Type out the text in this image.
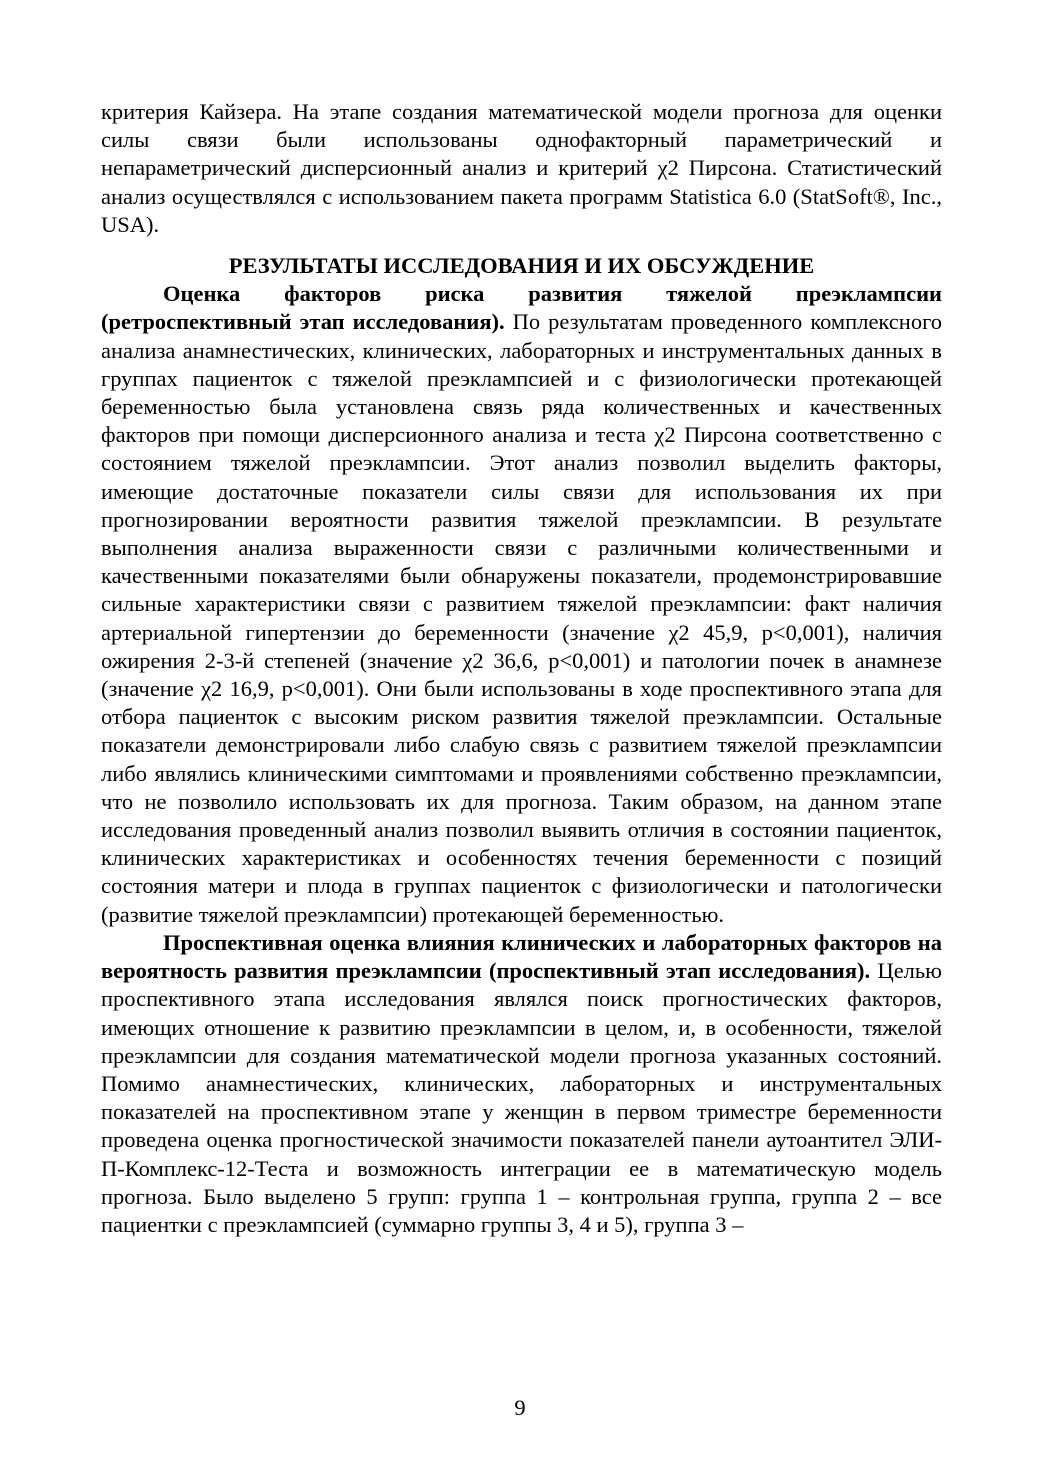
критерия Кайзера. На этапе создания математической модели прогноза для оценки силы связи были использованы однофакторный параметрический и непараметрический дисперсионный анализ и критерий χ2 Пирсона. Статистический анализ осуществлялся с использованием пакета программ Statistica 6.0 (StatSoft®, Inc., USA).

РЕЗУЛЬТАТЫ ИССЛЕДОВАНИЯ И ИХ ОБСУЖДЕНИЕ

Оценка факторов риска развития тяжелой преэклампсии (ретроспективный этап исследования). По результатам проведенного комплексного анализа анамнестических, клинических, лабораторных и инструментальных данных в группах пациенток с тяжелой преэклампсией и с физиологически протекающей беременностью была установлена связь ряда количественных и качественных факторов при помощи дисперсионного анализа и теста χ2 Пирсона соответственно с состоянием тяжелой преэклампсии. Этот анализ позволил выделить факторы, имеющие достаточные показатели силы связи для использования их при прогнозировании вероятности развития тяжелой преэклампсии. В результате выполнения анализа выраженности связи с различными количественными и качественными показателями были обнаружены показатели, продемонстрировавшие сильные характеристики связи с развитием тяжелой преэклампсии: факт наличия артериальной гипертензии до беременности (значение χ2 45,9, p<0,001), наличия ожирения 2-3-й степеней (значение χ2 36,6, p<0,001) и патологии почек в анамнезе (значение χ2 16,9, p<0,001). Они были использованы в ходе проспективного этапа для отбора пациенток с высоким риском развития тяжелой преэклампсии. Остальные показатели демонстрировали либо слабую связь с развитием тяжелой преэклампсии либо являлись клиническими симптомами и проявлениями собственно преэклампсии, что не позволило использовать их для прогноза. Таким образом, на данном этапе исследования проведенный анализ позволил выявить отличия в состоянии пациенток, клинических характеристиках и особенностях течения беременности с позиций состояния матери и плода в группах пациенток с физиологически и патологически (развитие тяжелой преэклампсии) протекающей беременностью.

Проспективная оценка влияния клинических и лабораторных факторов на вероятность развития преэклампсии (проспективный этап исследования). Целью проспективного этапа исследования являлся поиск прогностических факторов, имеющих отношение к развитию преэклампсии в целом, и, в особенности, тяжелой преэклампсии для создания математической модели прогноза указанных состояний. Помимо анамнестических, клинических, лабораторных и инструментальных показателей на проспективном этапе у женщин в первом триместре беременности проведена оценка прогностической значимости показателей панели аутоантител ЭЛИ-П-Комплекс-12-Теста и возможность интеграции ее в математическую модель прогноза. Было выделено 5 групп: группа 1 – контрольная группа, группа 2 – все пациентки с преэклампсией (суммарно группы 3, 4 и 5), группа 3 –

9
